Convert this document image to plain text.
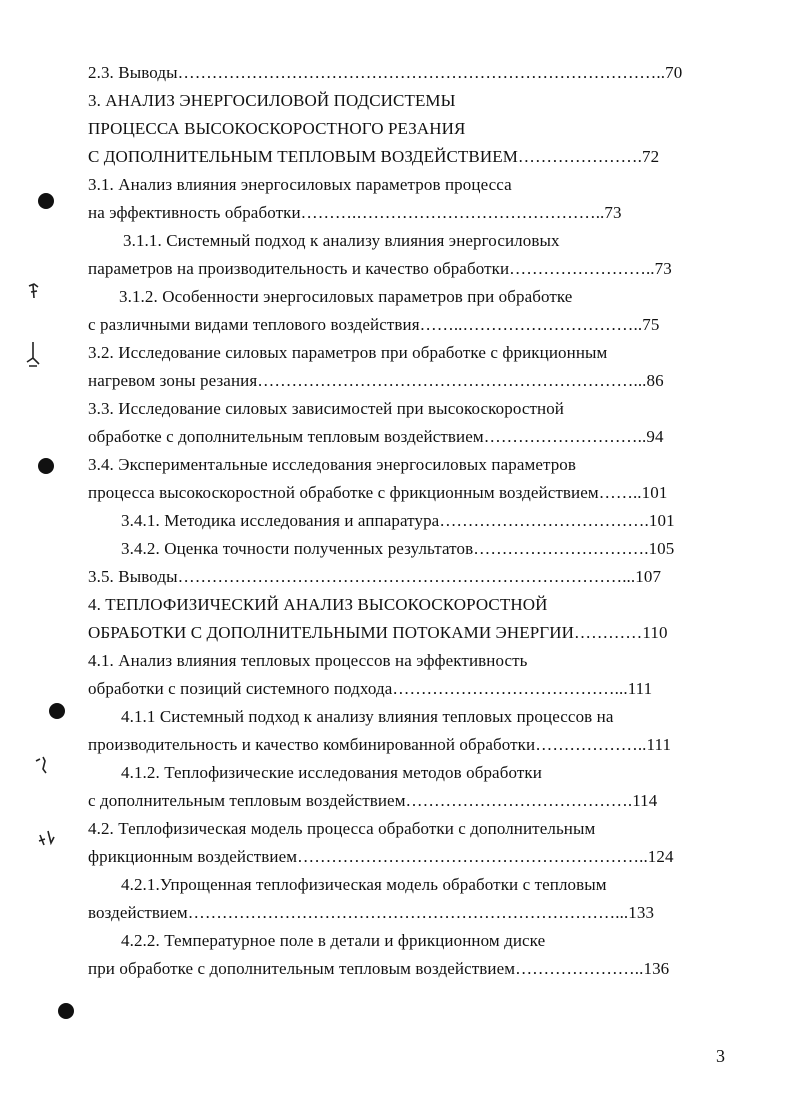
2.3. Выводы…………………………………………………………………………..70
3. АНАЛИЗ ЭНЕРГОСИЛОВОЙ ПОДСИСТЕМЫ
ПРОЦЕССА ВЫСОКОСКОРОСТНОГО РЕЗАНИЯ
С ДОПОЛНИТЕЛЬНЫМ ТЕПЛОВЫМ ВОЗДЕЙСТВИЕМ………………….72
3.1. Анализ влияния энергосиловых параметров процесса
на эффективность обработки……….……………………………………..73
3.1.1. Системный подход к анализу влияния энергосиловых
параметров на производительность и качество обработки……………………..73
3.1.2. Особенности энергосиловых параметров при обработке
с различными видами теплового воздействия……..…………………………..75
3.2. Исследование силовых параметров при обработке с фрикционным
нагревом зоны резания…………………………………………………………...86
3.3. Исследование силовых зависимостей при высокоскоростной
обработке с дополнительным тепловым воздействием………………………..94
3.4. Экспериментальные исследования энергосиловых параметров
процесса высокоскоростной обработке с фрикционным воздействием……..101
3.4.1. Методика исследования и аппаратура……………………………….101
3.4.2. Оценка точности полученных результатов………………………….105
3.5. Выводы……………………………………………………………………...107
4. ТЕПЛОФИЗИЧЕСКИЙ АНАЛИЗ ВЫСОКОСКОРОСТНОЙ
ОБРАБОТКИ С ДОПОЛНИТЕЛЬНЫМИ ПОТОКАМИ ЭНЕРГИИ…………110
4.1. Анализ влияния тепловых процессов на эффективность
обработки с позиций системного подхода…………………………………...111
4.1.1 Системный подход к анализу влияния тепловых процессов на
производительность и качество комбинированной обработки………………..111
4.1.2. Теплофизические исследования методов обработки
с дополнительным тепловым воздействием………………………………….114
4.2. Теплофизическая модель процесса обработки с дополнительным
фрикционным воздействием……………………………………………………..124
4.2.1.Упрощенная теплофизическая модель обработки с тепловым
воздействием…………………………………………………………………...133
4.2.2. Температурное поле в детали и фрикционном диске
при обработке с дополнительным тепловым воздействием…………………..136
3
